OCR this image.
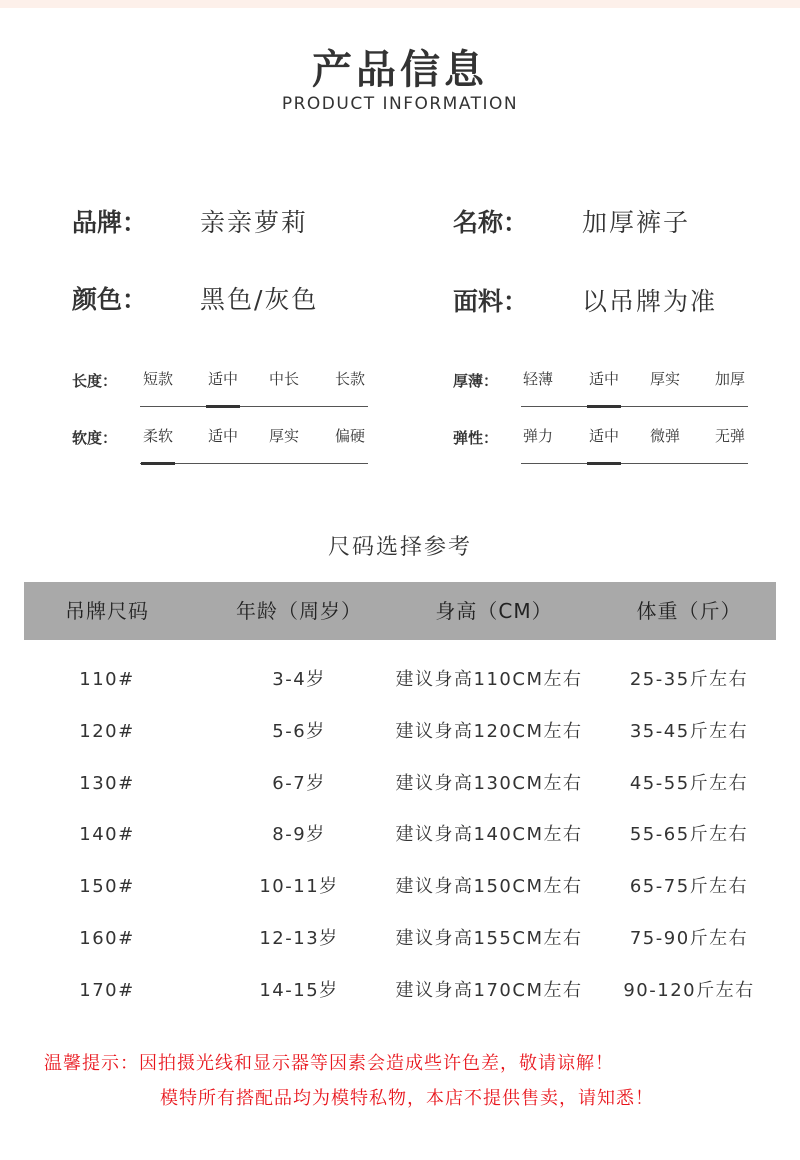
产品信息
PRODUCT INFORMATION
品牌： 亲亲萝莉	名称： 加厚裤子
颜色： 黑色/灰色	面料： 以吊牌为准
长度：	短款	适中	中长	长款	厚薄：	轻薄	适中	厚实	加厚
软度：	柔软	适中	厚实	偏硬	弹性：	弹力	适中	微弹	无弹
尺码选择参考
吊牌尺码	年龄（周岁）	身高（CM）	体重（斤）
110#	3-4岁	建议身高110CM左右	25-35斤左右
120#	5-6岁	建议身高120CM左右	35-45斤左右
130#	6-7岁	建议身高130CM左右	45-55斤左右
140#	8-9岁	建议身高140CM左右	55-65斤左右
150#	10-11岁	建议身高150CM左右	65-75斤左右
160#	12-13岁	建议身高155CM左右	75-90斤左右
170#	14-15岁	建议身高170CM左右	90-120斤左右
温馨提示：因拍摄光线和显示器等因素会造成些许色差，敬请谅解！
模特所有搭配品均为模特私物，本店不提供售卖，请知悉！
